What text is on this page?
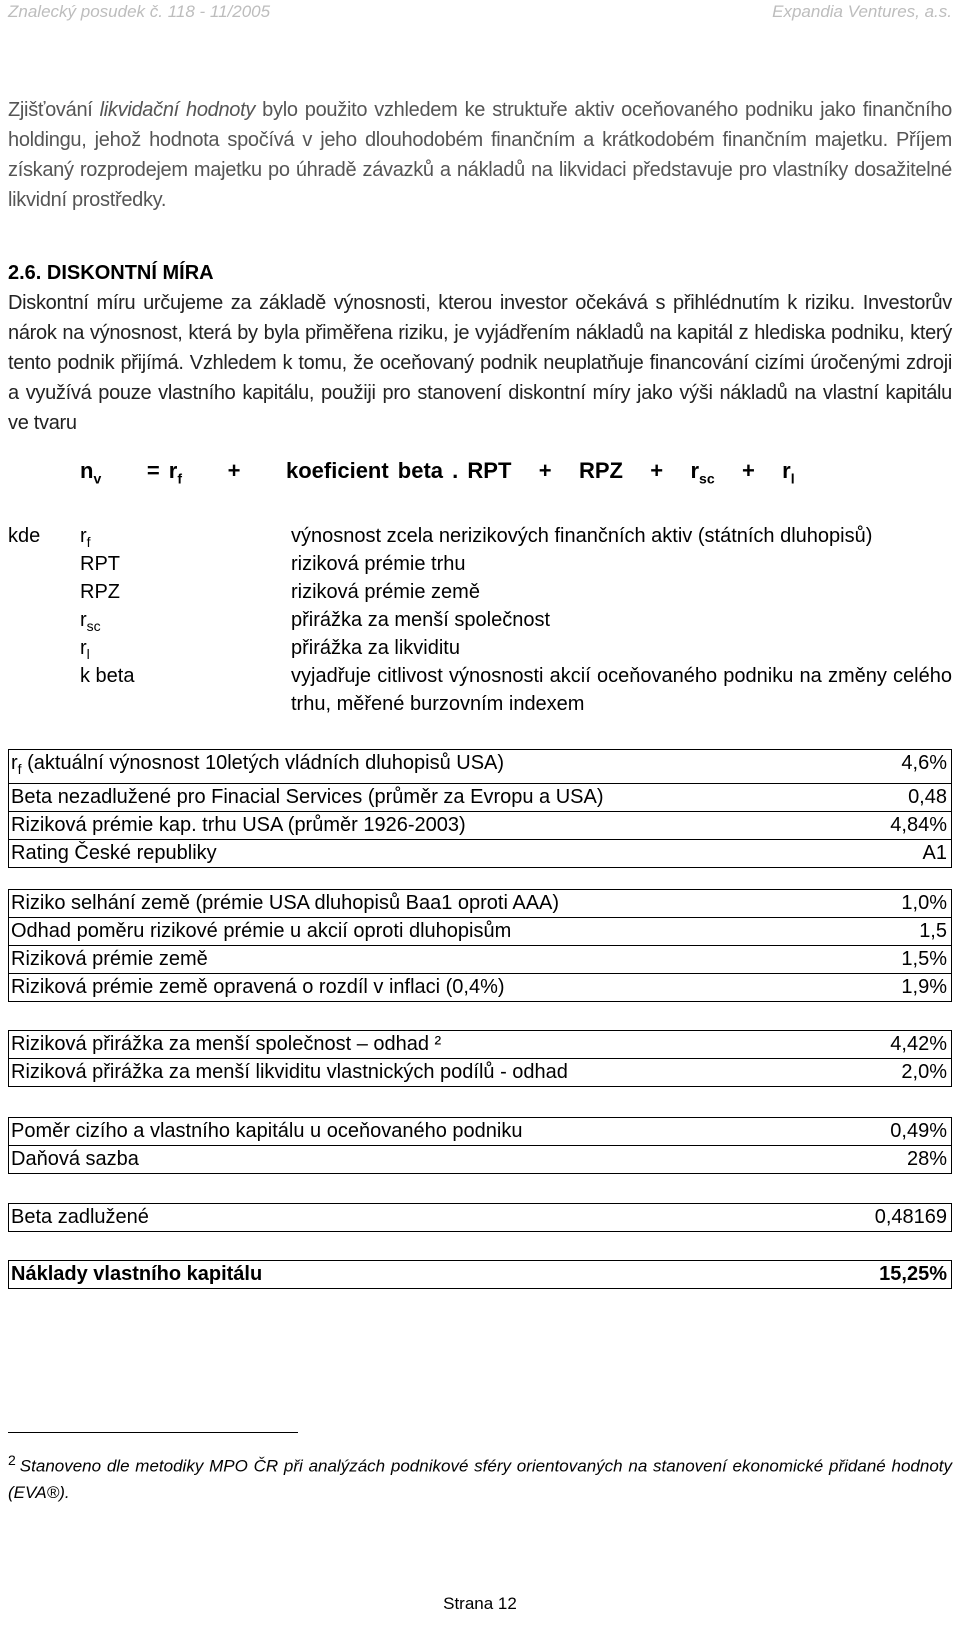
Znalecký posudek č. 118 - 11/2005	Expandia Ventures, a.s.
Zjišťování likvidační hodnoty bylo použito vzhledem ke struktuře aktiv oceňovaného podniku jako finančního holdingu, jehož hodnota spočívá v jeho dlouhodobém finančním a krátkodobém finančním majetku. Příjem získaný rozprodejem majetku po úhradě závazků a nákladů na likvidaci představuje pro vlastníky dosažitelné likvidní prostředky.
2.6. DISKONTNÍ MÍRA
Diskontní míru určujeme za základě výnosnosti, kterou investor očekává s přihlédnutím k riziku. Investorův nárok na výnosnost, která by byla přiměřena riziku, je vyjádřením nákladů na kapitál z hlediska podniku, který tento podnik přijímá. Vzhledem k tomu, že oceňovaný podnik neuplatňuje financování cizími úročenými zdroji a využívá pouze vlastního kapitálu, použiji pro stanovení diskontní míry jako výši nákladů na vlastní kapitálu ve tvaru
$n_v = r_f$ + koeficient beta . RPT + RPZ + $r_{sc} + r_l$
kde $r_f$	výnosnost zcela nerizikových finančních aktiv (státních dluhopisů)
RPT	riziková prémie trhu
RPZ	riziková prémie země
$r_{sc}$	přirážka za menší společnost
$r_l$	přirážka za likviditu
k beta	vyjadřuje citlivost výnosnosti akcií oceňovaného podniku na změny celého trhu, měřené burzovním indexem
$r_f$ (aktuální výnosnost 10letých vládních dluhopisů USA)	4,6%
Beta nezadlužené pro Finacial Services (průměr za Evropu a USA)	0,48
Riziková prémie kap. trhu USA (průměr 1926-2003)	4,84%
Rating České republiky	A1
Riziko selhání země (prémie USA dluhopisů Baa1 oproti AAA)	1,0%
Odhad poměru rizikové prémie u akcií oproti dluhopisům	1,5
Riziková prémie země	1,5%
Riziková prémie země opravená o rozdíl v inflaci (0,4%)	1,9%
Riziková přirážka za menší společnost – odhad ²	4,42%
Riziková přirážka za menší likviditu vlastnických podílů - odhad	2,0%
Poměr cizího a vlastního kapitálu u oceňovaného podniku	0,49%
Daňová sazba	28%
Beta zadlužené	0,48169
Náklady vlastního kapitálu	15,25%
$^2$ Stanoveno dle metodiky MPO ČR při analýzách podnikové sféry orientovaných na stanovení ekonomické přidané hodnoty (EVA®).
Strana 12
